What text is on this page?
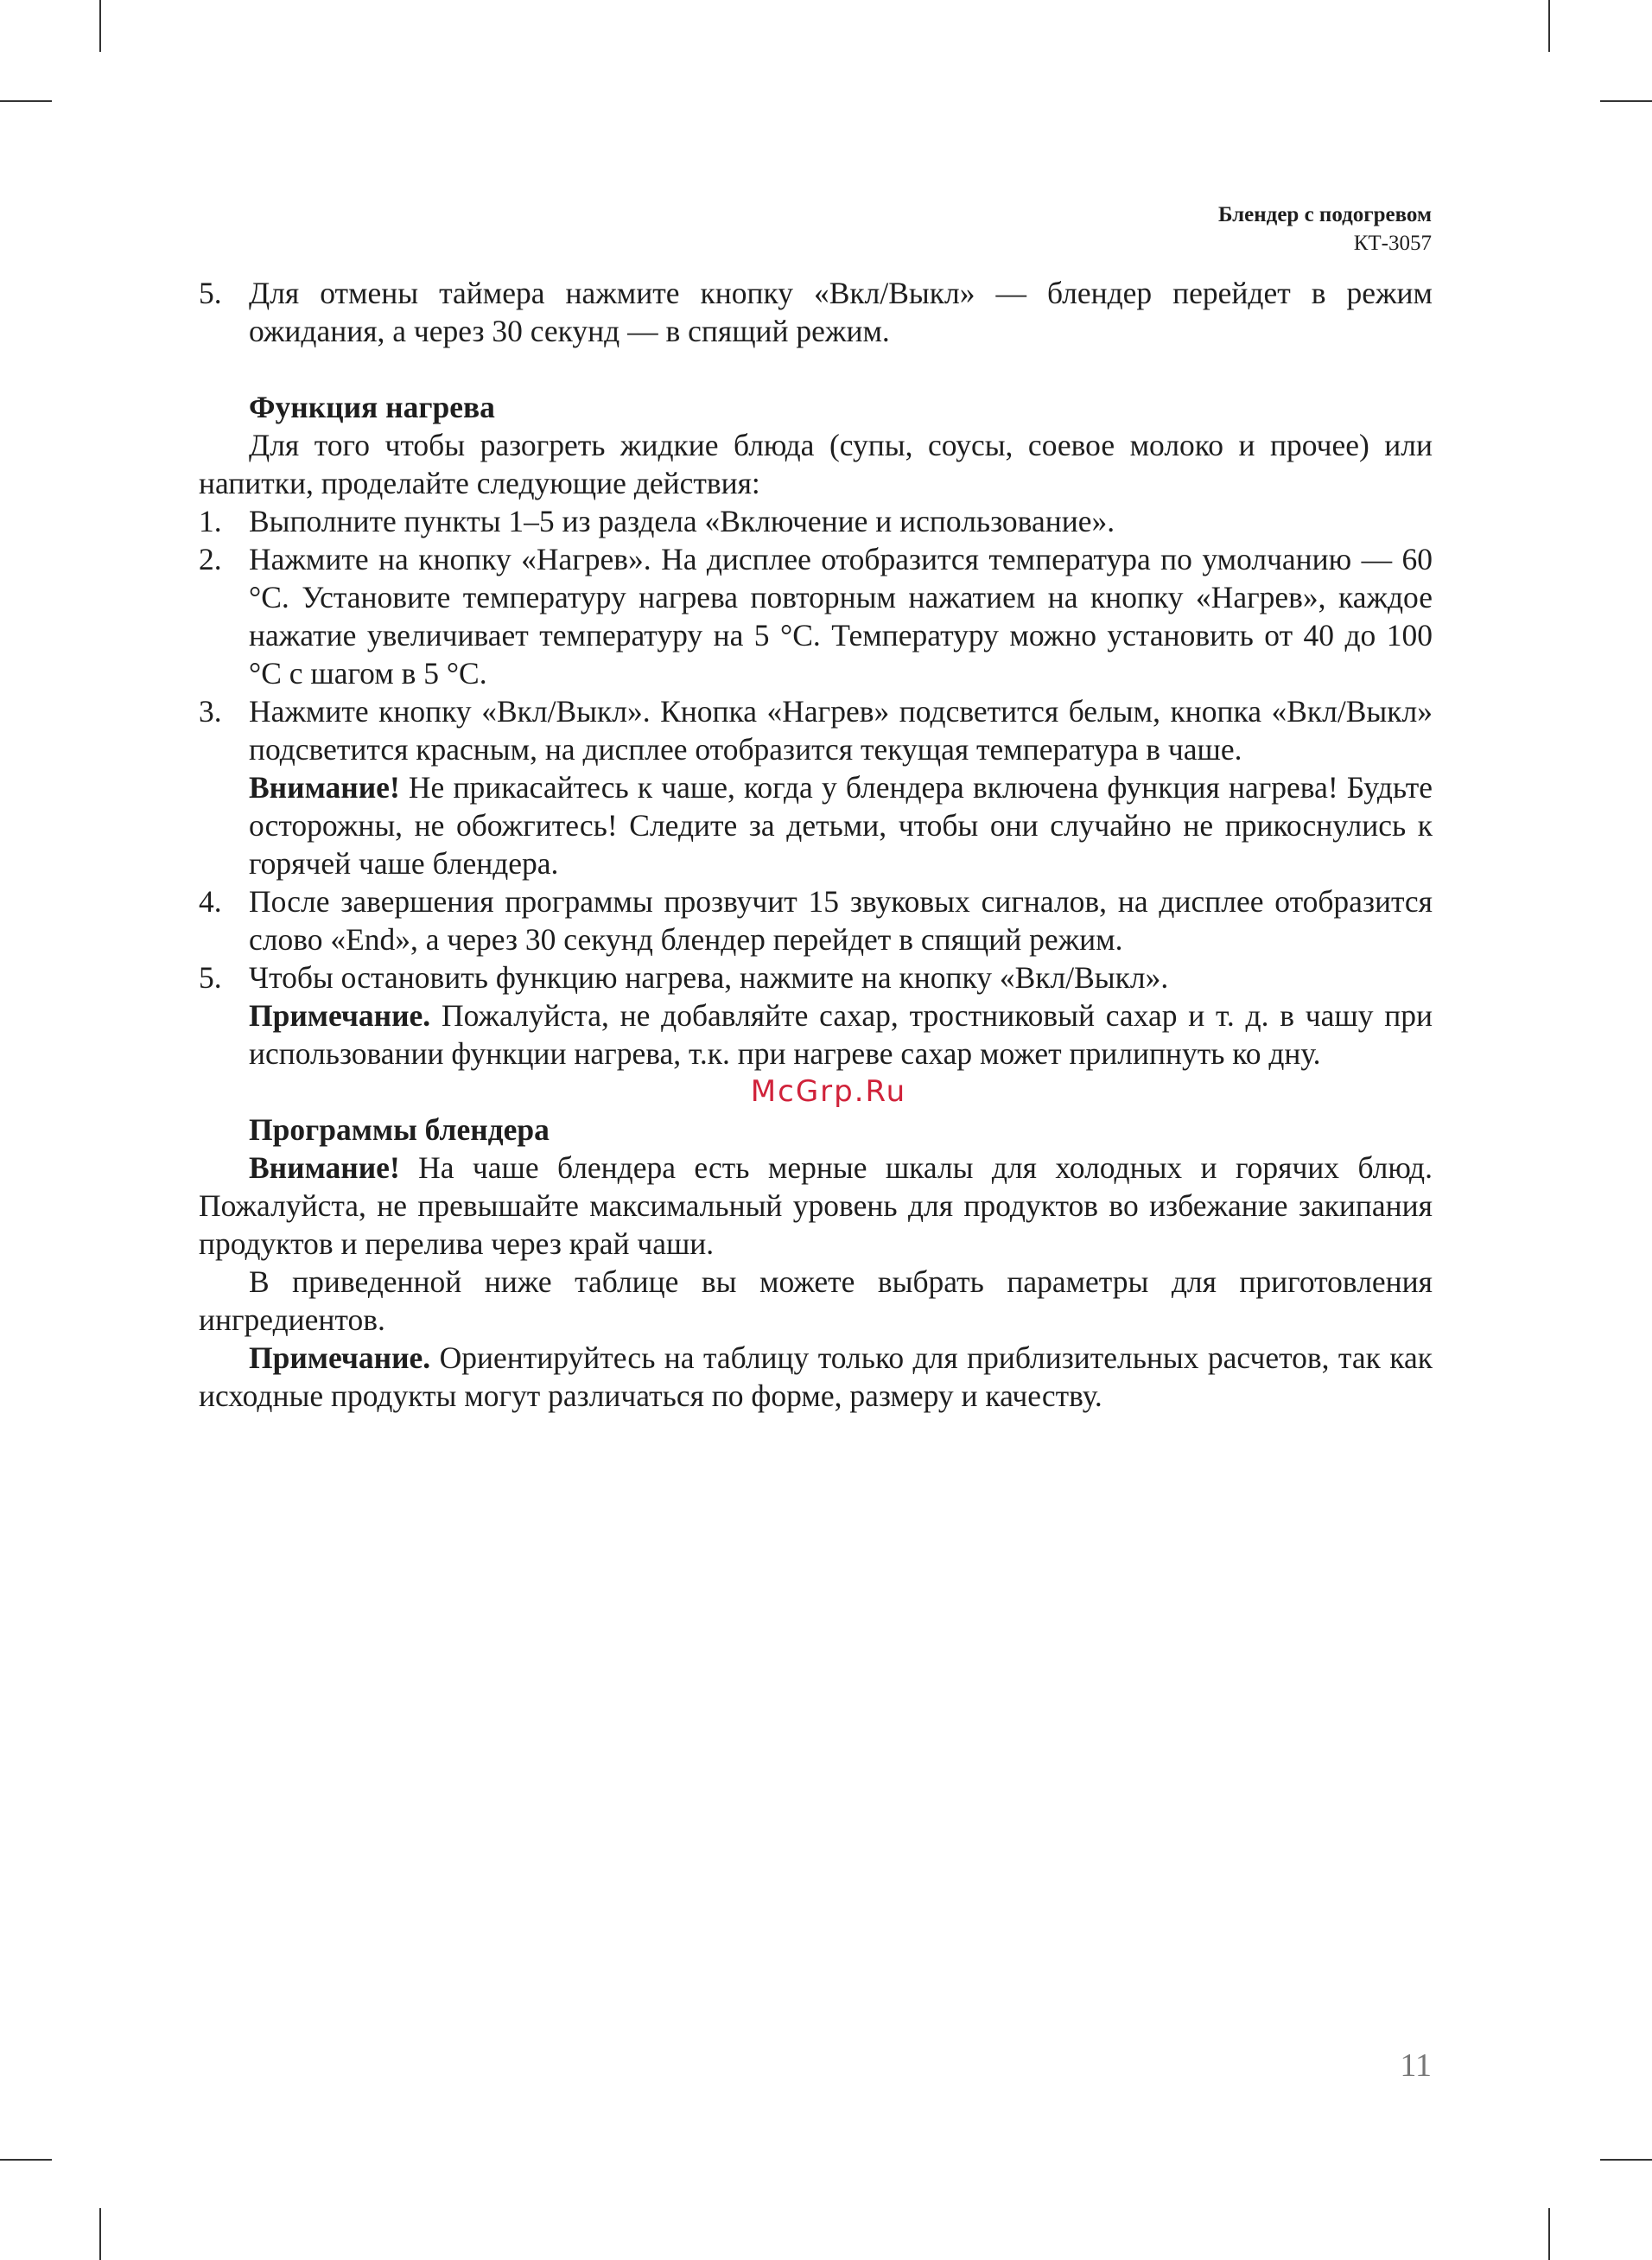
Блендер с подогревом
КТ-3057

5. Для отмены таймера нажмите кнопку «Вкл/Выкл» — блендер перейдет в режим ожидания, а через 30 секунд — в спящий режим.

Функция нагрева

Для того чтобы разогреть жидкие блюда (супы, соусы, соевое молоко и прочее) или напитки, проделайте следующие действия:

1. Выполните пункты 1–5 из раздела «Включение и использование».

2. Нажмите на кнопку «Нагрев». На дисплее отобразится температура по умолчанию — 60 °С. Установите температуру нагрева повторным нажатием на кнопку «Нагрев», каждое нажатие увеличивает температуру на 5 °С. Температуру можно установить от 40 до 100 °С с шагом в 5 °С.

3. Нажмите кнопку «Вкл/Выкл». Кнопка «Нагрев» подсветится белым, кнопка «Вкл/Выкл» подсветится красным, на дисплее отобразится текущая температура в чаше.
Внимание! Не прикасайтесь к чаше, когда у блендера включена функция нагрева! Будьте осторожны, не обожгитесь! Следите за детьми, чтобы они случайно не прикоснулись к горячей чаше блендера.

4. После завершения программы прозвучит 15 звуковых сигналов, на дисплее отобразится слово «End», а через 30 секунд блендер перейдет в спящий режим.

5. Чтобы остановить функцию нагрева, нажмите на кнопку «Вкл/Выкл».
Примечание. Пожалуйста, не добавляйте сахар, тростниковый сахар и т. д. в чашу при использовании функции нагрева, т.к. при нагреве сахар может прилипнуть ко дну.

McGrp.Ru

Программы блендера

Внимание! На чаше блендера есть мерные шкалы для холодных и горячих блюд. Пожалуйста, не превышайте максимальный уровень для продуктов во избежание закипания продуктов и перелива через край чаши.

В приведенной ниже таблице вы можете выбрать параметры для приготовления ингредиентов.

Примечание. Ориентируйтесь на таблицу только для приблизительных расчетов, так как исходные продукты могут различаться по форме, размеру и качеству.

11
